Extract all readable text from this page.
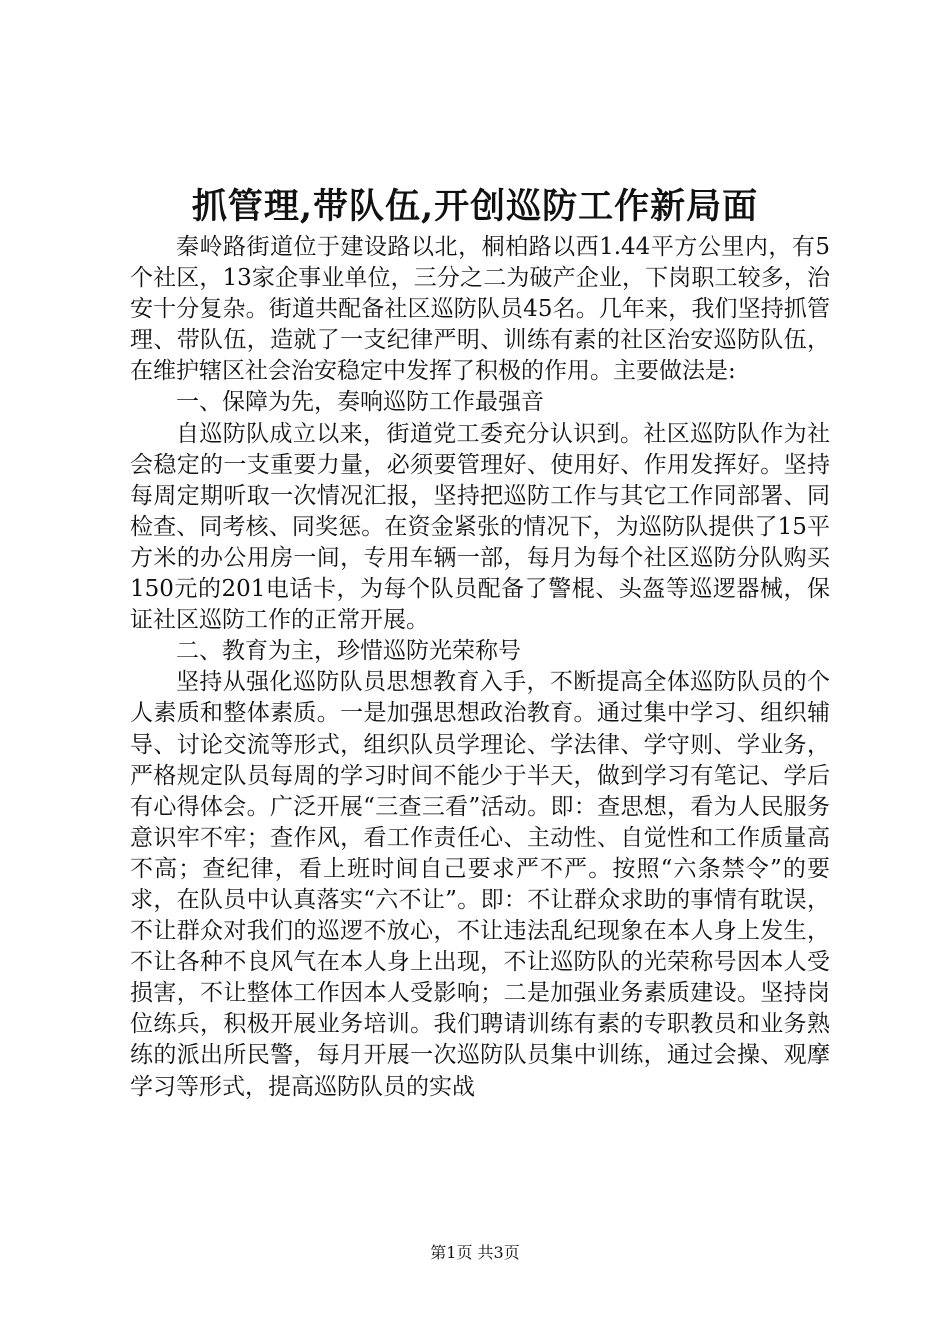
抓管理,带队伍,开创巡防工作新局面

秦岭路街道位于建设路以北，桐柏路以西1.44平方公里内，有5个社区，13家企事业单位，三分之二为破产企业，下岗职工较多，治安十分复杂。街道共配备社区巡防队员45名。几年来，我们坚持抓管理、带队伍，造就了一支纪律严明、训练有素的社区治安巡防队伍，在维护辖区社会治安稳定中发挥了积极的作用。主要做法是:

一、保障为先，奏响巡防工作最强音

自巡防队成立以来，街道党工委充分认识到。社区巡防队作为社会稳定的一支重要力量，必须要管理好、使用好、作用发挥好。坚持每周定期听取一次情况汇报，坚持把巡防工作与其它工作同部署、同检查、同考核、同奖惩。在资金紧张的情况下，为巡防队提供了15平方米的办公用房一间，专用车辆一部，每月为每个社区巡防分队购买150元的201电话卡，为每个队员配备了警棍、头盔等巡逻器械，保证社区巡防工作的正常开展。

二、教育为主，珍惜巡防光荣称号

坚持从强化巡防队员思想教育入手，不断提高全体巡防队员的个人素质和整体素质。一是加强思想政治教育。通过集中学习、组织辅导、讨论交流等形式，组织队员学理论、学法律、学守则、学业务，严格规定队员每周的学习时间不能少于半天，做到学习有笔记、学后有心得体会。广泛开展“三查三看”活动。即：查思想，看为人民服务意识牢不牢；查作风，看工作责任心、主动性、自觉性和工作质量高不高；查纪律，看上班时间自己要求严不严。按照“六条禁令”的要求，在队员中认真落实“六不让”。即：不让群众求助的事情有耽误，不让群众对我们的巡逻不放心，不让违法乱纪现象在本人身上发生，不让各种不良风气在本人身上出现，不让巡防队的光荣称号因本人受损害，不让整体工作因本人受影响；二是加强业务素质建设。坚持岗位练兵，积极开展业务培训。我们聘请训练有素的专职教员和业务熟练的派出所民警，每月开展一次巡防队员集中训练，通过会操、观摩学习等形式，提高巡防队员的实战

第1页 共3页
